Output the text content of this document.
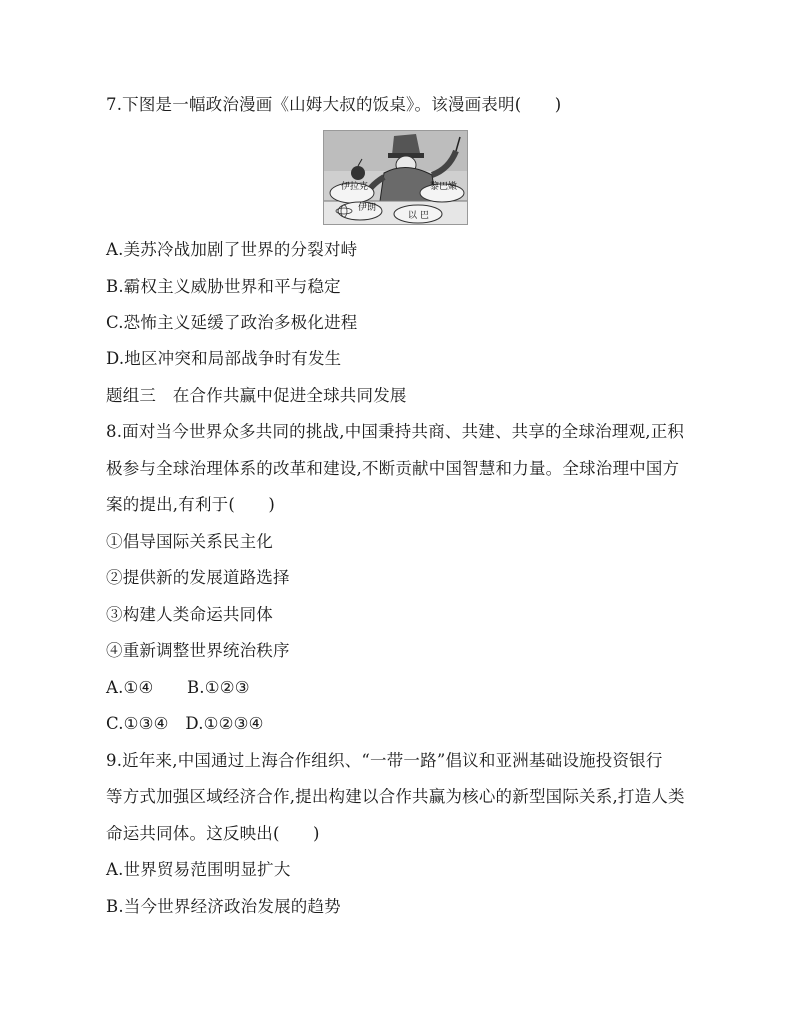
7.下图是一幅政治漫画《山姆大叔的饭桌》。该漫画表明(　　)
伊拉克	黎巴嫩
伊朗
以 巴
A.美苏冷战加剧了世界的分裂对峙
B.霸权主义威胁世界和平与稳定
C.恐怖主义延缓了政治多极化进程
D.地区冲突和局部战争时有发生
题组三　在合作共赢中促进全球共同发展
8.面对当今世界众多共同的挑战,中国秉持共商、共建、共享的全球治理观,正积
极参与全球治理体系的改革和建设,不断贡献中国智慧和力量。全球治理中国方
案的提出,有利于(　　)
①倡导国际关系民主化
②提供新的发展道路选择
③构建人类命运共同体
④重新调整世界统治秩序
A.①④　　B.①②③
C.①③④　D.①②③④
9.近年来,中国通过上海合作组织、“一带一路”倡议和亚洲基础设施投资银行
等方式加强区域经济合作,提出构建以合作共赢为核心的新型国际关系,打造人类
命运共同体。这反映出(　　)
A.世界贸易范围明显扩大
B.当今世界经济政治发展的趋势
